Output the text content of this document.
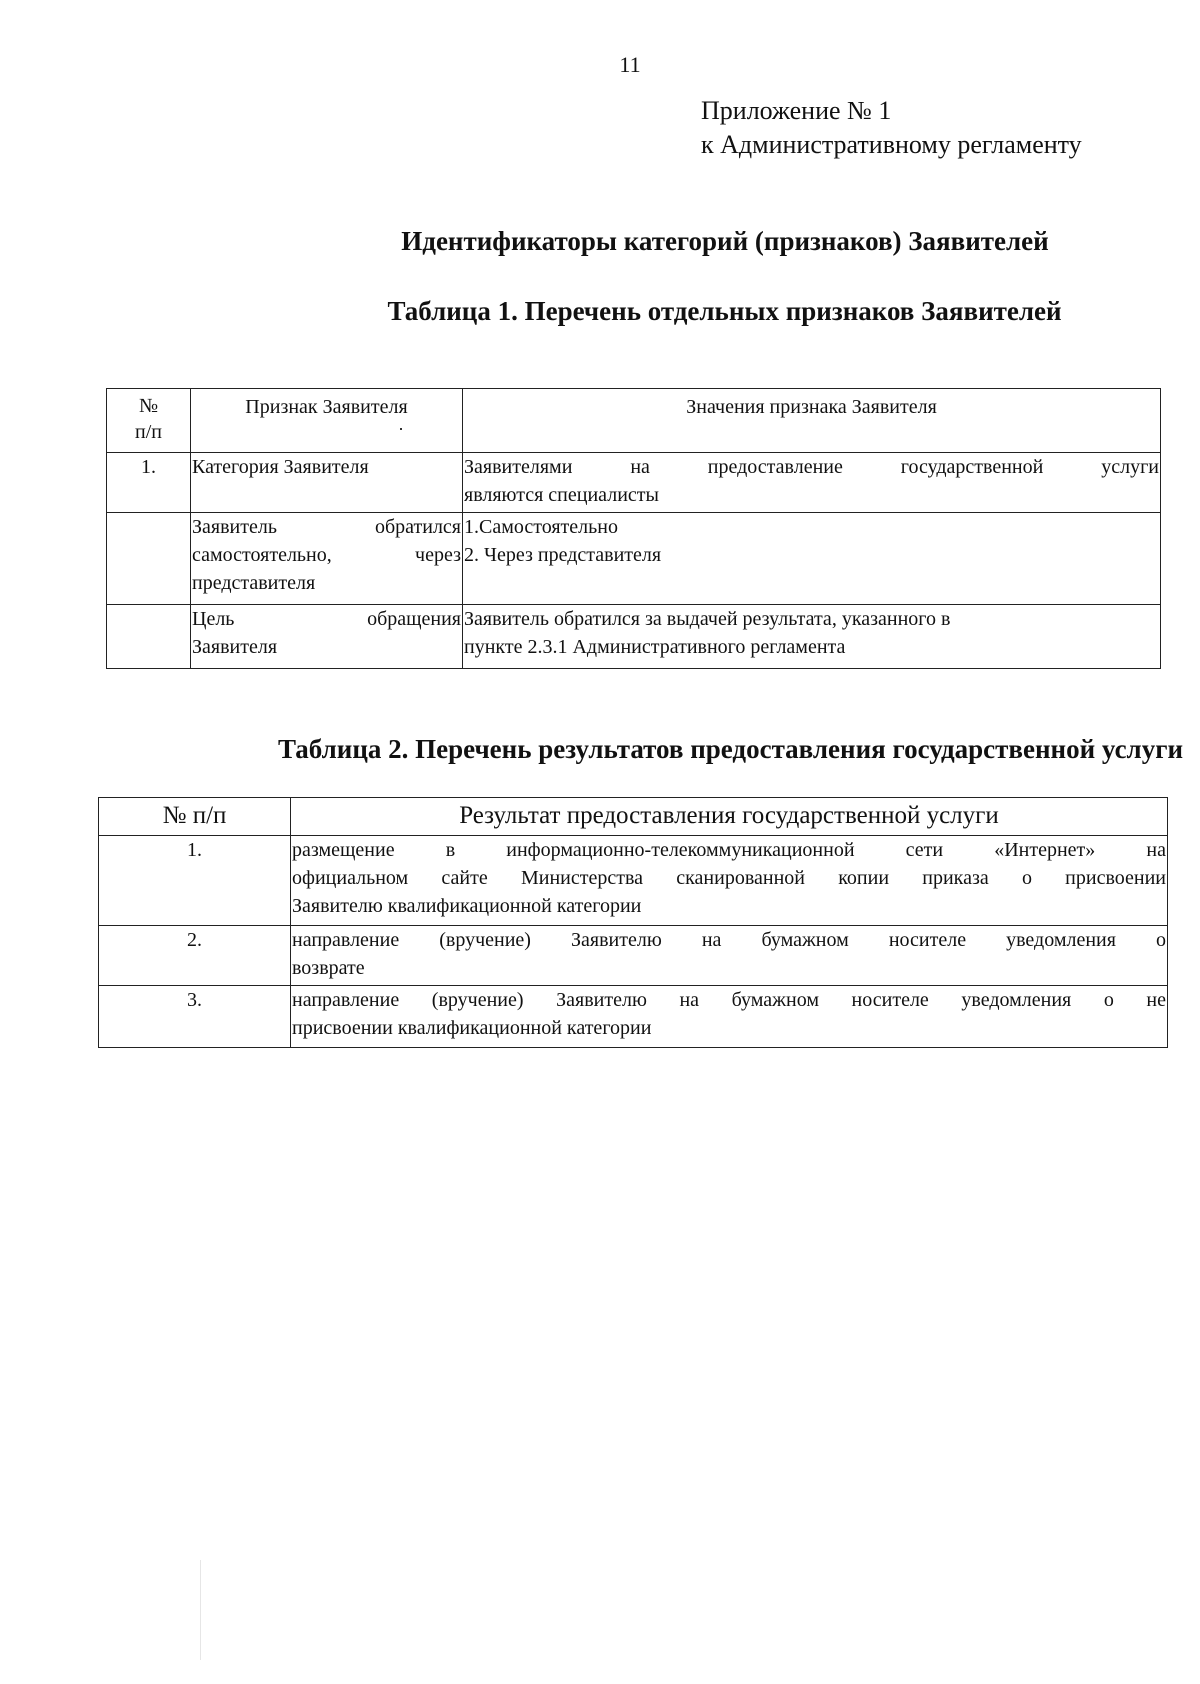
11
Приложение № 1
к Административному регламенту
Идентификаторы категорий (признаков) Заявителей
Таблица 1. Перечень отдельных признаков Заявителей
№
п/п	Признак Заявителя	Значения признака Заявителя
1.	Категория Заявителя	Заявителями на предоставление государственной услуги
являются специалисты

	Заявитель обратился
самостоятельно, через
представителя	1.Самостоятельно
2. Через представителя

	Цель обращения
Заявителя	Заявитель обратился за выдачей результата, указанного в
пункте 2.3.1 Административного регламента
Таблица 2. Перечень результатов предоставления государственной услуги
№ п/п	Результат предоставления государственной услуги
1.	размещение в информационно-телекоммуникационной сети «Интернет» на
официальном сайте Министерства сканированной копии приказа о присвоении
Заявителю квалификационной категории

2.	направление (вручение) Заявителю на бумажном носителе уведомления о
возврате

3.	направление (вручение) Заявителю на бумажном носителе уведомления о не
присвоении квалификационной категории
